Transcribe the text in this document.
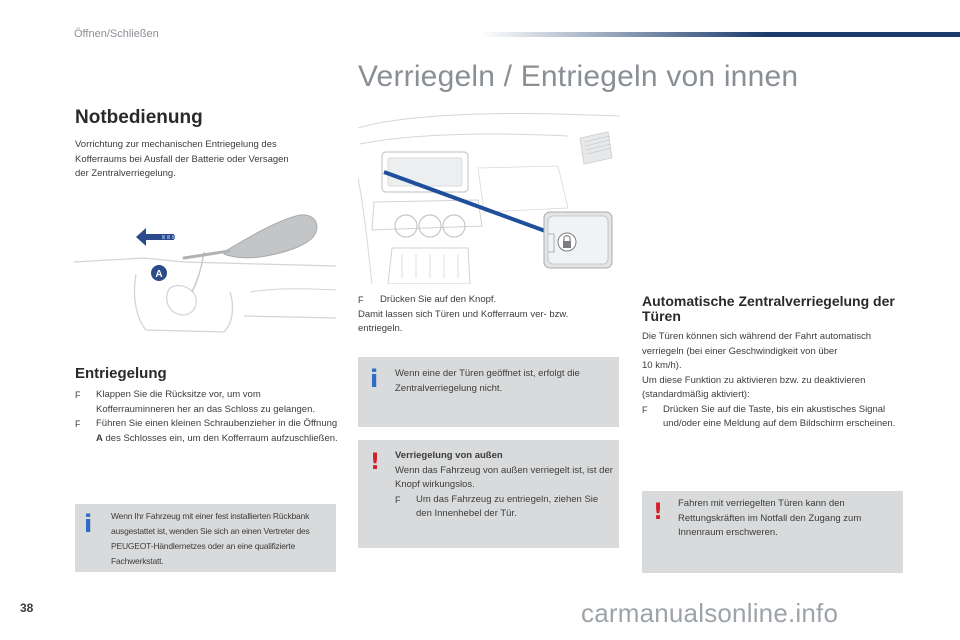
Öffnen/Schließen
Verriegeln / Entriegeln von innen
Notbedienung
Vorrichtung zur mechanischen Entriegelung des
Kofferraums bei Ausfall der Batterie oder Versagen
der Zentralverriegelung.
A
Entriegelung
F Klappen Sie die Rücksitze vor, um vom Kofferrauminneren her an das Schloss zu gelangen.
F Führen Sie einen kleinen Schraubenzieher in die Öffnung A des Schlosses ein, um den Kofferraum aufzuschließen.
i Wenn Ihr Fahrzeug mit einer fest installierten Rückbank ausgestattet ist, wenden Sie sich an einen Vertreter des PEUGEOT-Händlernetzes oder an eine qualifizierte Fachwerkstatt.
F Drücken Sie auf den Knopf.
Damit lassen sich Türen und Kofferraum ver- bzw. entriegeln.
i Wenn eine der Türen geöffnet ist, erfolgt die Zentralverriegelung nicht.
! Verriegelung von außen
Wenn das Fahrzeug von außen verriegelt ist, ist der Knopf wirkungslos.
F Um das Fahrzeug zu entriegeln, ziehen Sie den Innenhebel der Tür.
Automatische Zentralverriegelung der Türen
Die Türen können sich während der Fahrt automatisch
verriegeln (bei einer Geschwindigkeit von über
10 km/h).
Um diese Funktion zu aktivieren bzw. zu deaktivieren
(standardmäßig aktiviert):
F Drücken Sie auf die Taste, bis ein akustisches Signal und/oder eine Meldung auf dem Bildschirm erscheinen.
! Fahren mit verriegelten Türen kann den Rettungskräften im Notfall den Zugang zum Innenraum erschweren.
38	carmanualsonline.info
